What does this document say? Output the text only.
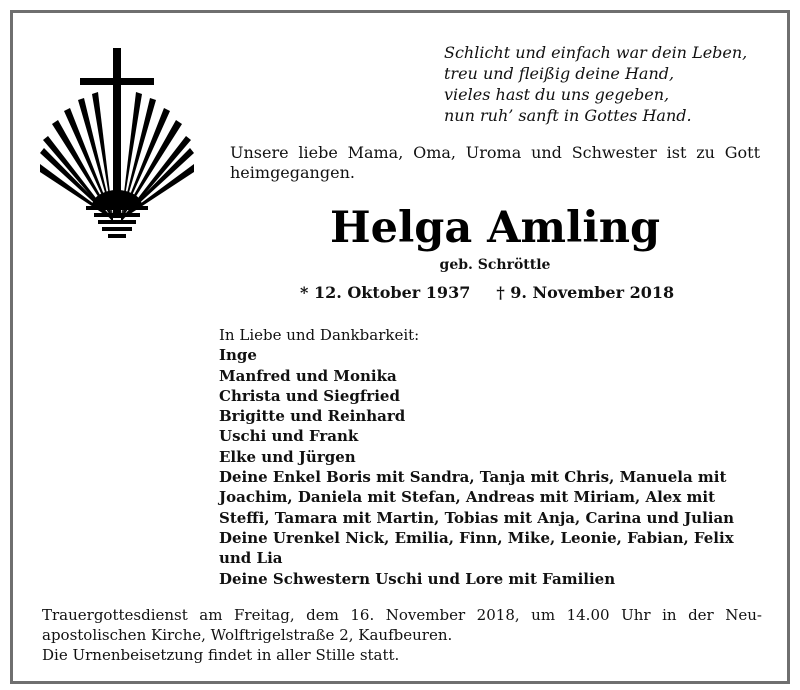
Schlicht und einfach war dein Leben,
treu und fleißig deine Hand,
vieles hast du uns gegeben,
nun ruh’ sanft in Gottes Hand.
Unsere liebe Mama, Oma, Uroma und Schwester ist zu Gott heimgegangen.
Helga Amling
geb. Schröttle
* 12. Oktober 1937 † 9. November 2018
In Liebe und Dankbarkeit:
Inge
Manfred und Monika
Christa und Siegfried
Brigitte und Reinhard
Uschi und Frank
Elke und Jürgen
Deine Enkel Boris mit Sandra, Tanja mit Chris, Manuela mit
Joachim, Daniela mit Stefan, Andreas mit Miriam, Alex mit
Steffi, Tamara mit Martin, Tobias mit Anja, Carina und Julian
Deine Urenkel Nick, Emilia, Finn, Mike, Leonie, Fabian, Felix
und Lia
Deine Schwestern Uschi und Lore mit Familien
Trauergottesdienst am Freitag, dem 16. November 2018, um 14.00 Uhr in der Neu-
apostolischen Kirche, Wolftrigelstraße 2, Kaufbeuren.
Die Urnenbeisetzung findet in aller Stille statt.
